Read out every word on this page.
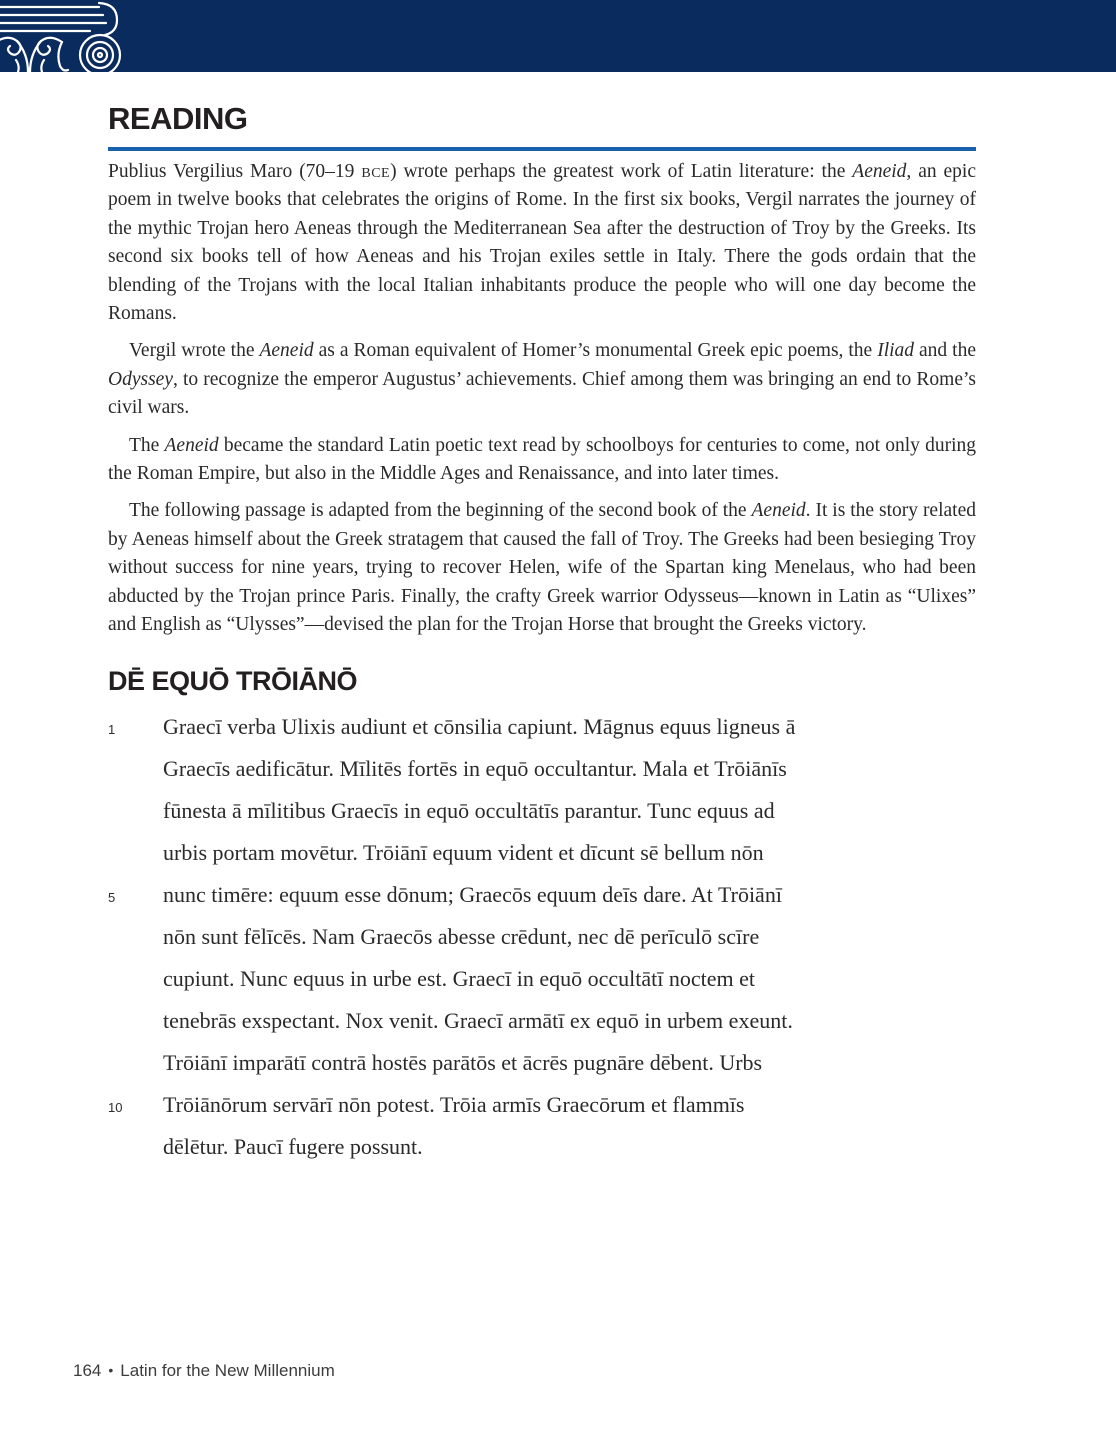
READING

Publius Vergilius Maro (70–19 bce) wrote perhaps the greatest work of Latin literature: the Aeneid, an epic poem in twelve books that celebrates the origins of Rome. In the first six books, Vergil narrates the journey of the mythic Trojan hero Aeneas through the Mediterranean Sea after the destruction of Troy by the Greeks. Its second six books tell of how Aeneas and his Trojan exiles settle in Italy. There the gods ordain that the blending of the Trojans with the local Italian inhabitants produce the people who will one day become the Romans.

Vergil wrote the Aeneid as a Roman equivalent of Homer’s monumental Greek epic poems, the Iliad and the Odyssey, to recognize the emperor Augustus’ achievements. Chief among them was bringing an end to Rome’s civil wars.

The Aeneid became the standard Latin poetic text read by schoolboys for centuries to come, not only during the Roman Empire, but also in the Middle Ages and Renaissance, and into later times.

The following passage is adapted from the beginning of the second book of the Aeneid. It is the story related by Aeneas himself about the Greek stratagem that caused the fall of Troy. The Greeks had been besieging Troy without success for nine years, trying to recover Helen, wife of the Spartan king Menelaus, who had been abducted by the Trojan prince Paris. Finally, the crafty Greek warrior Odysseus—known in Latin as “Ulixes” and English as “Ulysses”—devised the plan for the Trojan Horse that brought the Greeks victory.

DĒ EQUŌ TRŌIĀNŌ
1	Graecī verba Ulixis audiunt et cōnsilia capiunt. Māgnus equus ligneus ā
Graecīs aedificātur. Mīlitēs fortēs in equō occultantur. Mala et Trōiānīs
fūnesta ā mīlitibus Graecīs in equō occultātīs parantur. Tunc equus ad
urbis portam movētur. Trōiānī equum vident et dīcunt sē bellum nōn
5	nunc timēre: equum esse dōnum; Graecōs equum deīs dare. At Trōiānī
nōn sunt fēlīcēs. Nam Graecōs abesse crēdunt, nec dē perīculō scīre
cupiunt. Nunc equus in urbe est. Graecī in equō occultātī noctem et
tenebrās exspectant. Nox venit. Graecī armātī ex equō in urbem exeunt.
Trōiānī imparātī contrā hostēs parātōs et ācrēs pugnāre dēbent. Urbs
10	Trōiānōrum servārī nōn potest. Trōia armīs Graecōrum et flammīs
dēlētur. Paucī fugere possunt.
164 • Latin for the New Millennium
